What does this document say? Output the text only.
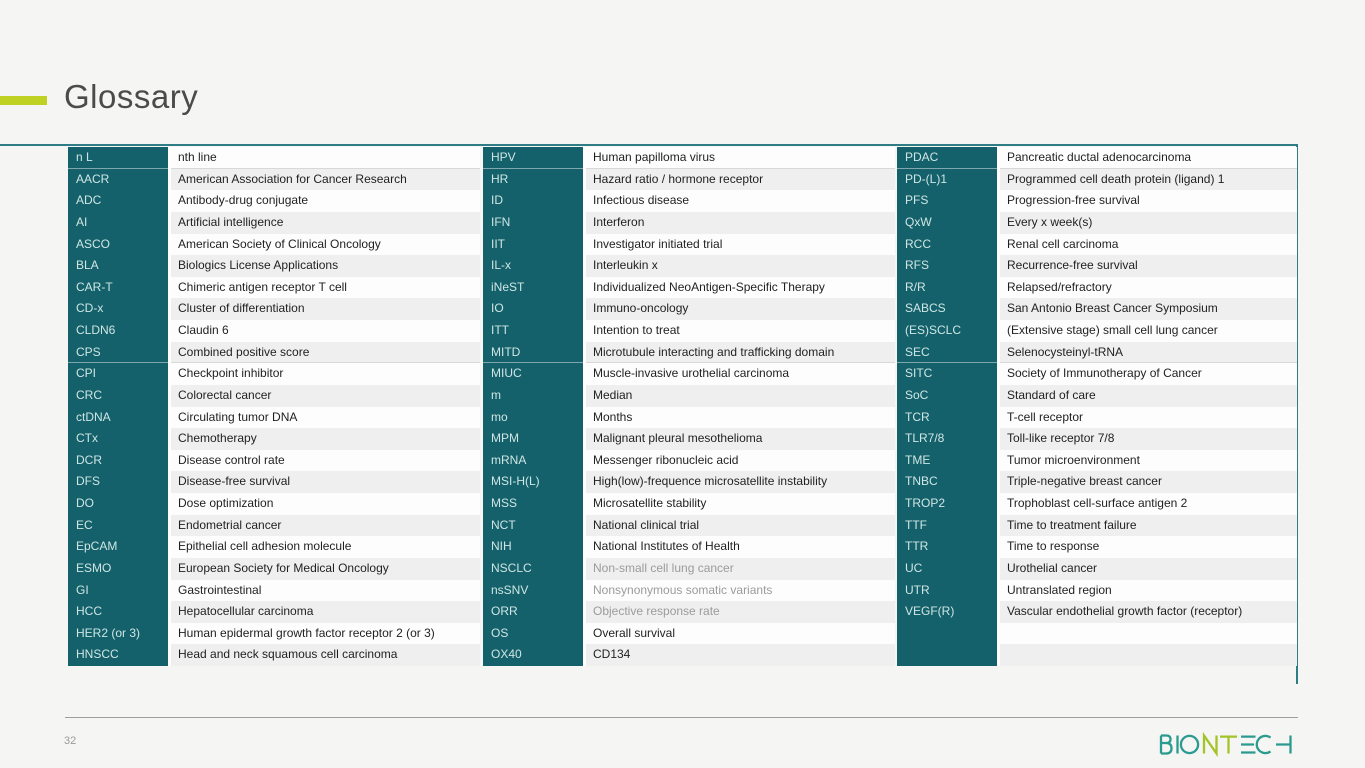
Glossary
n L	nth line
AACR	American Association for Cancer Research
ADC	Antibody-drug conjugate
AI	Artificial intelligence
ASCO	American Society of Clinical Oncology
BLA	Biologics License Applications
CAR-T	Chimeric antigen receptor T cell
CD-x	Cluster of differentiation
CLDN6	Claudin 6
CPS	Combined positive score
CPI	Checkpoint inhibitor
CRC	Colorectal cancer
ctDNA	Circulating tumor DNA
CTx	Chemotherapy
DCR	Disease control rate
DFS	Disease-free survival
DO	Dose optimization
EC	Endometrial cancer
EpCAM	Epithelial cell adhesion molecule
ESMO	European Society for Medical Oncology
GI	Gastrointestinal
HCC	Hepatocellular carcinoma
HER2 (or 3)	Human epidermal growth factor receptor 2 (or 3)
HNSCC	Head and neck squamous cell carcinoma
HPV	Human papilloma virus
HR	Hazard ratio / hormone receptor
ID	Infectious disease
IFN	Interferon
IIT	Investigator initiated trial
IL-x	Interleukin x
iNeST	Individualized NeoAntigen-Specific Therapy
IO	Immuno-oncology
ITT	Intention to treat
MITD	Microtubule interacting and trafficking domain
MIUC	Muscle-invasive urothelial carcinoma
m	Median
mo	Months
MPM	Malignant pleural mesothelioma
mRNA	Messenger ribonucleic acid
MSI-H(L)	High(low)-frequence microsatellite instability
MSS	Microsatellite stability
NCT	National clinical trial
NIH	National Institutes of Health
NSCLC	Non-small cell lung cancer
nsSNV	Nonsynonymous somatic variants
ORR	Objective response rate
OS	Overall survival
OX40	CD134
PDAC	Pancreatic ductal adenocarcinoma
PD-(L)1	Programmed cell death protein (ligand) 1
PFS	Progression-free survival
QxW	Every x week(s)
RCC	Renal cell carcinoma
RFS	Recurrence-free survival
R/R	Relapsed/refractory
SABCS	San Antonio Breast Cancer Symposium
(ES)SCLC	(Extensive stage) small cell lung cancer
SEC	Selenocysteinyl-tRNA
SITC	Society of Immunotherapy of Cancer
SoC	Standard of care
TCR	T-cell receptor
TLR7/8	Toll-like receptor 7/8
TME	Tumor microenvironment
TNBC	Triple-negative breast cancer
TROP2	Trophoblast cell-surface antigen 2
TTF	Time to treatment failure
TTR	Time to response
UC	Urothelial cancer
UTR	Untranslated region
VEGF(R)	Vascular endothelial growth factor (receptor)
32
